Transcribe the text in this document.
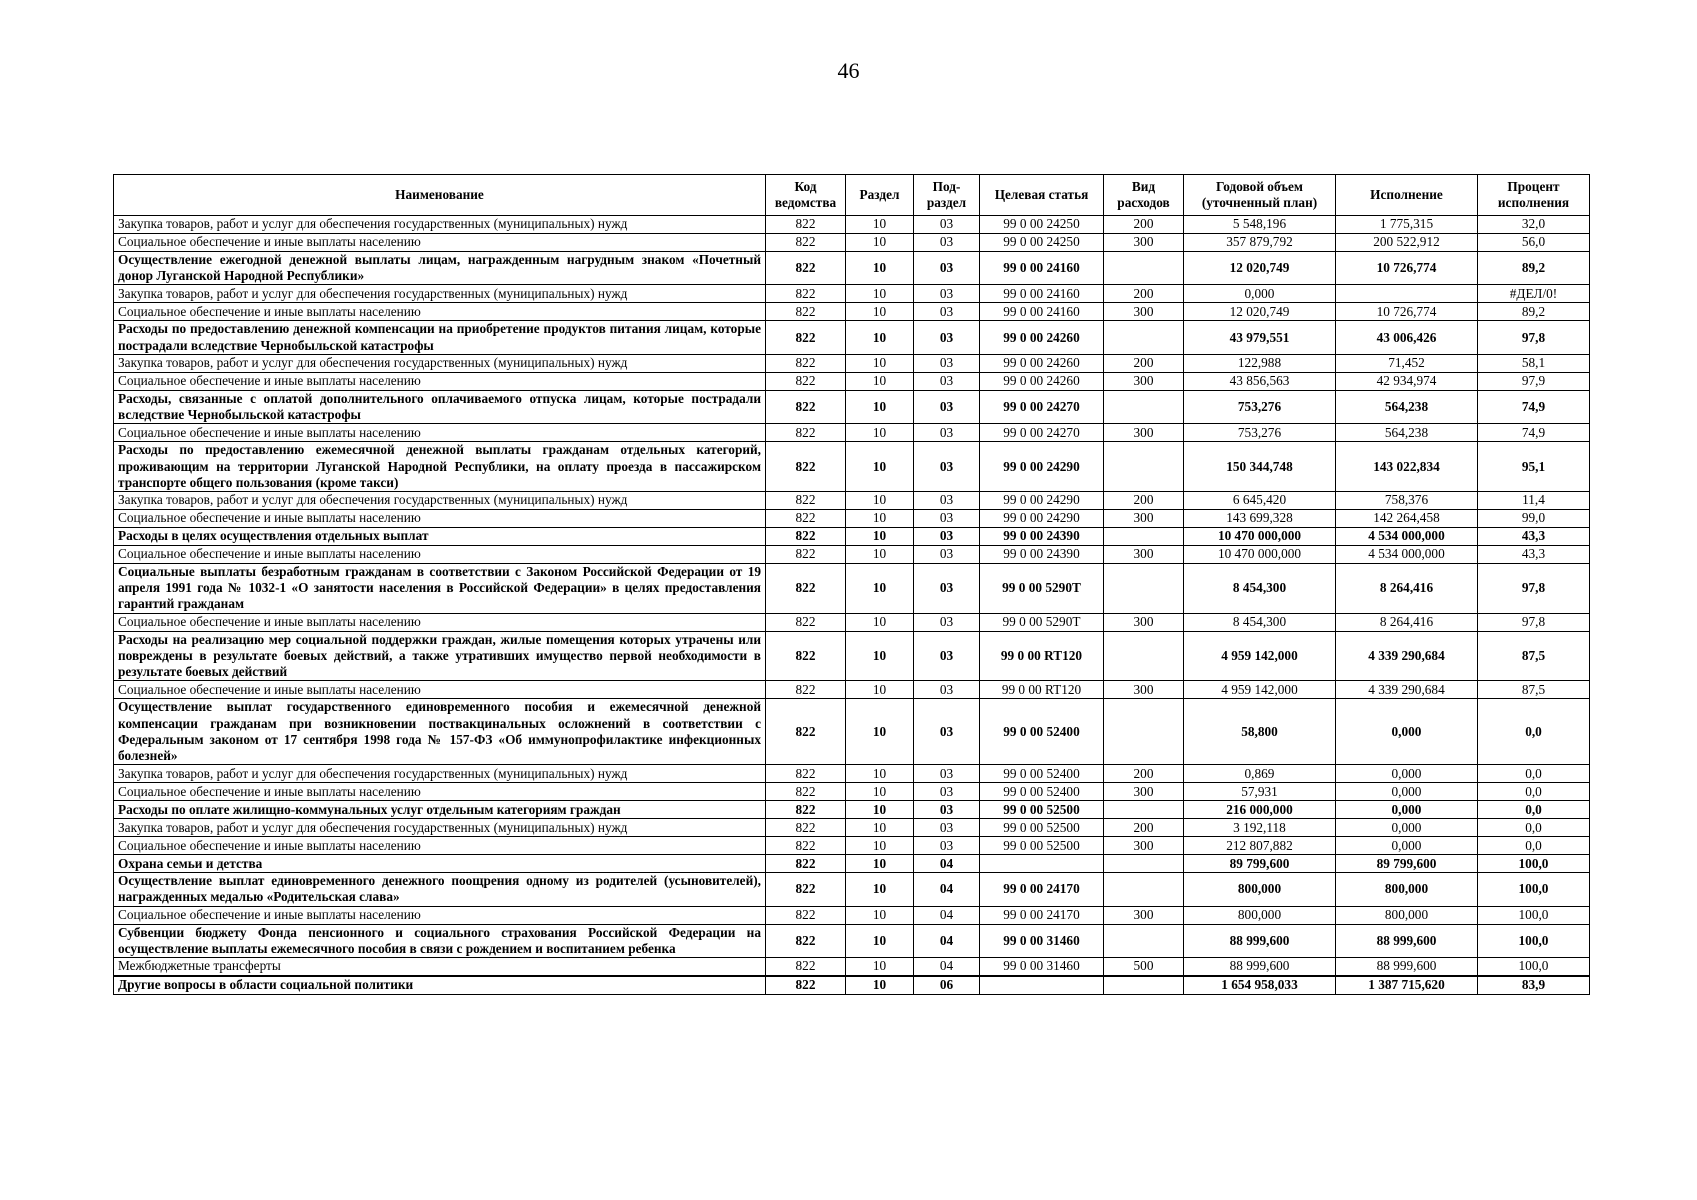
46
Наименование	Код ведомства	Раздел	Под-раздел	Целевая статья	Вид расходов	Годовой объем (уточненный план)	Исполнение	Процент исполнения
Закупка товаров, работ и услуг для обеспечения государственных (муниципальных) нужд	822	10	03	99 0 00 24250	200	5 548,196	1 775,315	32,0
Социальное обеспечение и иные выплаты населению	822	10	03	99 0 00 24250	300	357 879,792	200 522,912	56,0
Осуществление ежегодной денежной выплаты лицам, награжденным нагрудным знаком «Почетный донор Луганской Народной Республики»	822	10	03	99 0 00 24160		12 020,749	10 726,774	89,2
Закупка товаров, работ и услуг для обеспечения государственных (муниципальных) нужд	822	10	03	99 0 00 24160	200	0,000		#ДЕЛ/0!
Социальное обеспечение и иные выплаты населению	822	10	03	99 0 00 24160	300	12 020,749	10 726,774	89,2
Расходы по предоставлению денежной компенсации на приобретение продуктов питания лицам, которые пострадали вследствие Чернобыльской катастрофы	822	10	03	99 0 00 24260		43 979,551	43 006,426	97,8
Закупка товаров, работ и услуг для обеспечения государственных (муниципальных) нужд	822	10	03	99 0 00 24260	200	122,988	71,452	58,1
Социальное обеспечение и иные выплаты населению	822	10	03	99 0 00 24260	300	43 856,563	42 934,974	97,9
Расходы, связанные с оплатой дополнительного оплачиваемого отпуска лицам, которые пострадали вследствие Чернобыльской катастрофы	822	10	03	99 0 00 24270		753,276	564,238	74,9
Социальное обеспечение и иные выплаты населению	822	10	03	99 0 00 24270	300	753,276	564,238	74,9
Расходы по предоставлению ежемесячной денежной выплаты гражданам отдельных категорий, проживающим на территории Луганской Народной Республики, на оплату проезда в пассажирском транспорте общего пользования (кроме такси)	822	10	03	99 0 00 24290		150 344,748	143 022,834	95,1
Закупка товаров, работ и услуг для обеспечения государственных (муниципальных) нужд	822	10	03	99 0 00 24290	200	6 645,420	758,376	11,4
Социальное обеспечение и иные выплаты населению	822	10	03	99 0 00 24290	300	143 699,328	142 264,458	99,0
Расходы в целях осуществления отдельных выплат	822	10	03	99 0 00 24390		10 470 000,000	4 534 000,000	43,3
Социальное обеспечение и иные выплаты населению	822	10	03	99 0 00 24390	300	10 470 000,000	4 534 000,000	43,3
Социальные выплаты безработным гражданам в соответствии с Законом Российской Федерации от 19 апреля 1991 года № 1032-1 «О занятости населения в Российской Федерации» в целях предоставления гарантий гражданам	822	10	03	99 0 00 5290Т		8 454,300	8 264,416	97,8
Социальное обеспечение и иные выплаты населению	822	10	03	99 0 00 5290Т	300	8 454,300	8 264,416	97,8
Расходы на реализацию мер социальной поддержки граждан, жилые помещения которых утрачены или повреждены в результате боевых действий, а также утративших имущество первой необходимости в результате боевых действий	822	10	03	99 0 00 RT120		4 959 142,000	4 339 290,684	87,5
Социальное обеспечение и иные выплаты населению	822	10	03	99 0 00 RT120	300	4 959 142,000	4 339 290,684	87,5
Осуществление выплат государственного единовременного пособия и ежемесячной денежной компенсации гражданам при возникновении поствакцинальных осложнений в соответствии с Федеральным законом от 17 сентября 1998 года № 157-ФЗ «Об иммунопрофилактике инфекционных болезней»	822	10	03	99 0 00 52400		58,800	0,000	0,0
Закупка товаров, работ и услуг для обеспечения государственных (муниципальных) нужд	822	10	03	99 0 00 52400	200	0,869	0,000	0,0
Социальное обеспечение и иные выплаты населению	822	10	03	99 0 00 52400	300	57,931	0,000	0,0
Расходы по оплате жилищно-коммунальных услуг отдельным категориям граждан	822	10	03	99 0 00 52500		216 000,000	0,000	0,0
Закупка товаров, работ и услуг для обеспечения государственных (муниципальных) нужд	822	10	03	99 0 00 52500	200	3 192,118	0,000	0,0
Социальное обеспечение и иные выплаты населению	822	10	03	99 0 00 52500	300	212 807,882	0,000	0,0
Охрана семьи и детства	822	10	04			89 799,600	89 799,600	100,0
Осуществление выплат единовременного денежного поощрения одному из родителей (усыновителей), награжденных медалью «Родительская слава»	822	10	04	99 0 00 24170		800,000	800,000	100,0
Социальное обеспечение и иные выплаты населению	822	10	04	99 0 00 24170	300	800,000	800,000	100,0
Субвенции бюджету Фонда пенсионного и социального страхования Российской Федерации на осуществление выплаты ежемесячного пособия в связи с рождением и воспитанием ребенка	822	10	04	99 0 00 31460		88 999,600	88 999,600	100,0
Межбюджетные трансферты	822	10	04	99 0 00 31460	500	88 999,600	88 999,600	100,0
Другие вопросы в области социальной политики	822	10	06			1 654 958,033	1 387 715,620	83,9
